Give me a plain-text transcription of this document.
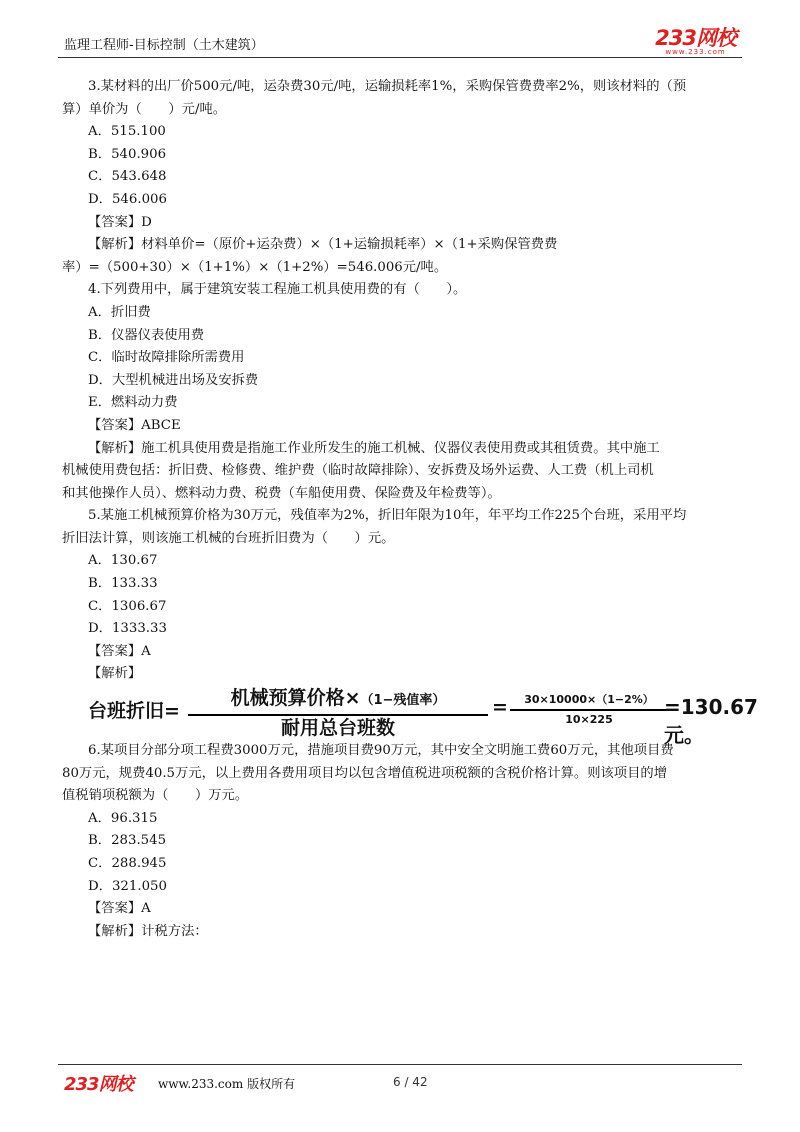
监理工程师-目标控制（土木建筑）	233网校
www.233.com

3.某材料的出厂价500元/吨，运杂费30元/吨，运输损耗率1%，采购保管费费率2%，则该材料的（预

算）单价为（　　）元/吨。

A．515.100

B．540.906

C．543.648

D．546.006

【答案】D

【解析】材料单价=（原价+运杂费）×（1+运输损耗率）×（1+采购保管费费

率）=（500+30）×（1+1%）×（1+2%）=546.006元/吨。

4.下列费用中，属于建筑安装工程施工机具使用费的有（　　）。

A．折旧费

B．仪器仪表使用费

C．临时故障排除所需费用

D．大型机械进出场及安拆费

E．燃料动力费

【答案】ABCE

【解析】施工机具使用费是指施工作业所发生的施工机械、仪器仪表使用费或其租赁费。其中施工

机械使用费包括：折旧费、检修费、维护费（临时故障排除）、安拆费及场外运费、人工费（机上司机

和其他操作人员）、燃料动力费、税费（车船使用费、保险费及年检费等）。

5.某施工机械预算价格为30万元，残值率为2%，折旧年限为10年，年平均工作225个台班，采用平均

折旧法计算，则该施工机械的台班折旧费为（　　）元。

A．130.67

B．133.33

C．1306.67

D．1333.33

【答案】A

【解析】

6.某项目分部分项工程费3000万元，措施项目费90万元，其中安全文明施工费60万元，其他项目费

80万元，规费40.5万元，以上费用各费用项目均以包含增值税进项税额的含税价格计算。则该项目的增

值税销项税额为（　　）万元。

A．96.315

B．283.545

C．288.945

D．321.050

【答案】A

【解析】计税方法：

台班折旧=
机械预算价格×（1−残值率）
耐用总台班数
=	30×10000×（1−2%）
10×225	=130.67元。
233网校 www.233.com 版权所有	6 / 42
